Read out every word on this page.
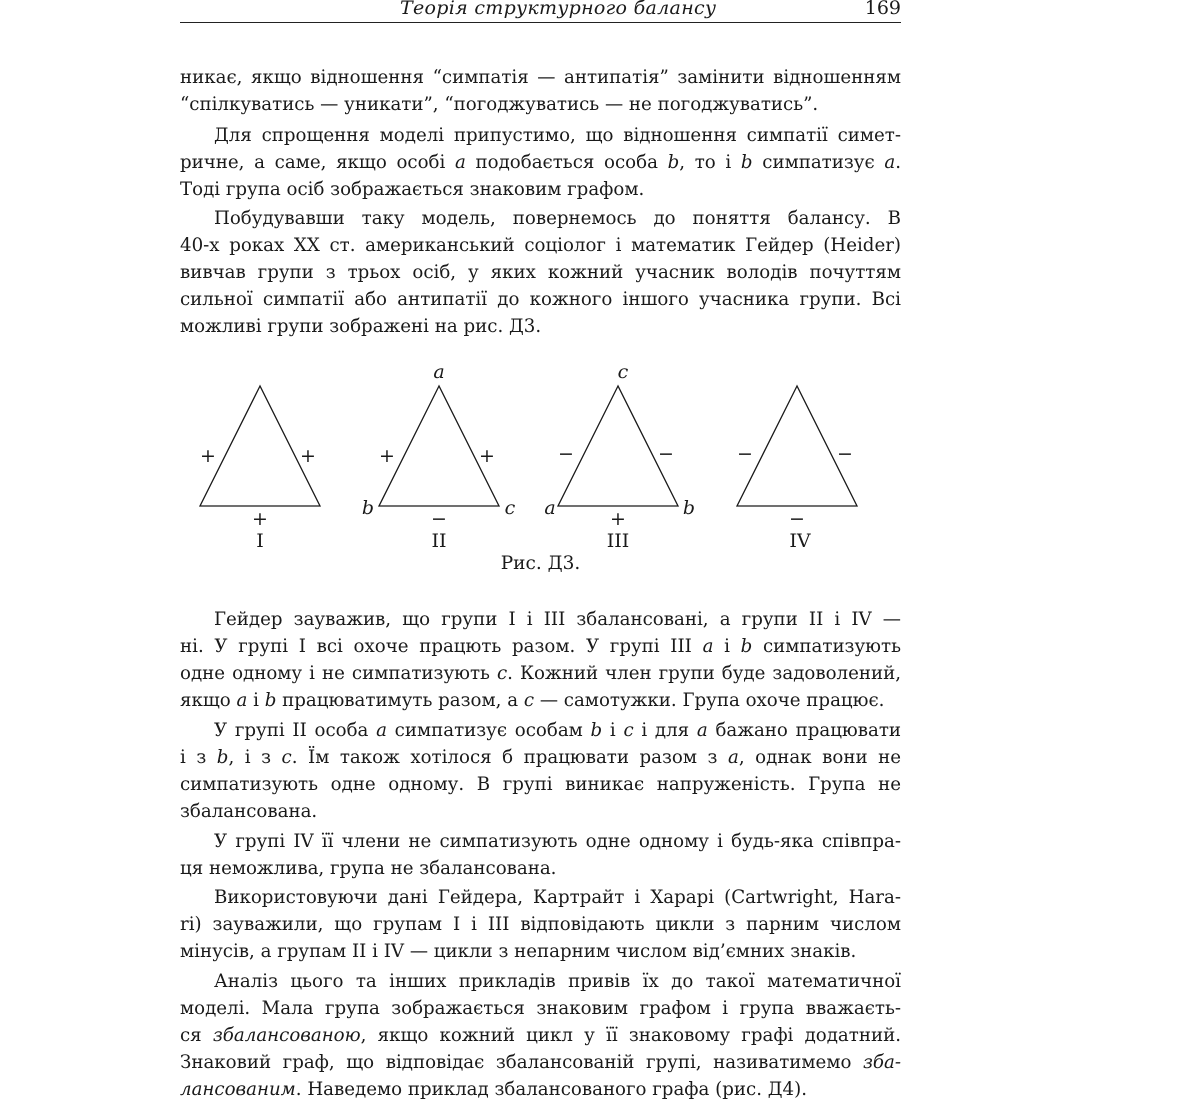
Теорія структурного балансу	169
никає, якщо відношення “симпатія — антипатія” замінити відношенням
“спілкуватись — уникати”, “погоджуватись — не погоджуватись”.
Для спрощення моделі припустимо, що відношення симпатії симет-
ричне, а саме, якщо особі a подобається особа b, то і b симпатизує a.
Тоді група осіб зображається знаковим графом.
Побудувавши таку модель, повернемось до поняття балансу. В
40-х роках XX ст. американський соціолог і математик Гейдер (Heider)
вивчав групи з трьох осіб, у яких кожний учасник володів почуттям
сильної симпатії або антипатії до кожного іншого учасника групи. Всі
можливі групи зображені на рис. Д3.
+	+
+
I
a
b	c
+	+
−
II
c
a	b
−	−
+
III
−	−
−
IV
Рис. Д3.
Гейдер зауважив, що групи I і III збалансовані, а групи II і IV —
ні. У групі I всі охоче працють разом. У групі III a і b симпатизують
одне одному і не симпатизують c. Кожний член групи буде задоволений,
якщо a і b працюватимуть разом, а c — самотужки. Група охоче працює.
У групі II особа a симпатизує особам b і c і для a бажано працювати
і з b, і з c. Їм також хотілося б працювати разом з a, однак вони не
симпатизують одне одному. В групі виникає напруженість. Група не
збалансована.
У групі IV її члени не симпатизують одне одному і будь-яка співпра-
ця неможлива, група не збалансована.
Використовуючи дані Гейдера, Картрайт і Харарі (Cartwright, Hara-
ri) зауважили, що групам I і III відповідають цикли з парним числом
мінусів, а групам II і IV — цикли з непарним числом від’ємних знаків.
Аналіз цього та інших прикладів привів їх до такої математичної
моделі. Мала група зображається знаковим графом і група вважаєть-
ся збалансованою, якщо кожний цикл у її знаковому графі додатний.
Знаковий граф, що відповідає збалансованій групі, називатимемо зба-
лансованим. Наведемо приклад збалансованого графа (рис. Д4).
